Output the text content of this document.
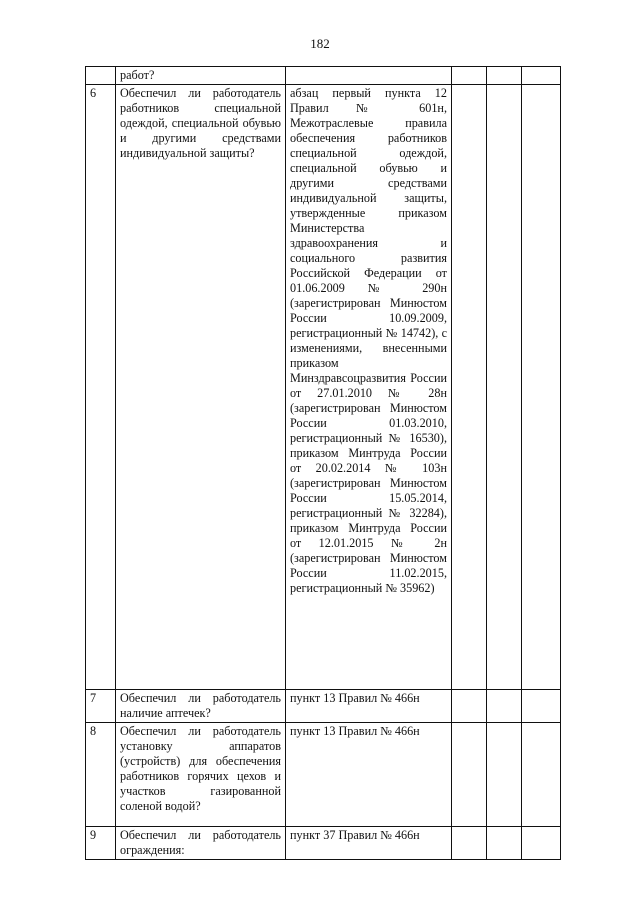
182
	работ?				
6	Обеспечил ли работодатель работников специальной одеждой, специальной обувью и другими средствами индивидуальной защиты?	абзац первый пункта 12 Правил № 601н, Межотраслевые правила обеспечения работников специальной одеждой, специальной обувью и другими средствами индивидуальной защиты, утвержденные приказом Министерства здравоохранения и социального развития Российской Федерации от 01.06.2009 № 290н (зарегистрирован Минюстом России 10.09.2009, регистрационный № 14742), с изменениями, внесенными приказом Минздравсоцразвития России от 27.01.2010 № 28н (зарегистрирован Минюстом России 01.03.2010, регистрационный № 16530), приказом Минтруда России от 20.02.2014 № 103н (зарегистрирован Минюстом России 15.05.2014, регистрационный № 32284), приказом Минтруда России от 12.01.2015 № 2н (зарегистрирован Минюстом России 11.02.2015, регистрационный № 35962)			
7	Обеспечил ли работодатель наличие аптечек?	пункт 13 Правил № 466н			
8	Обеспечил ли работодатель установку аппаратов (устройств) для обеспечения работников горячих цехов и участков газированной соленой водой?	пункт 13 Правил № 466н			
9	Обеспечил ли работодатель ограждения:	пункт 37 Правил № 466н			
